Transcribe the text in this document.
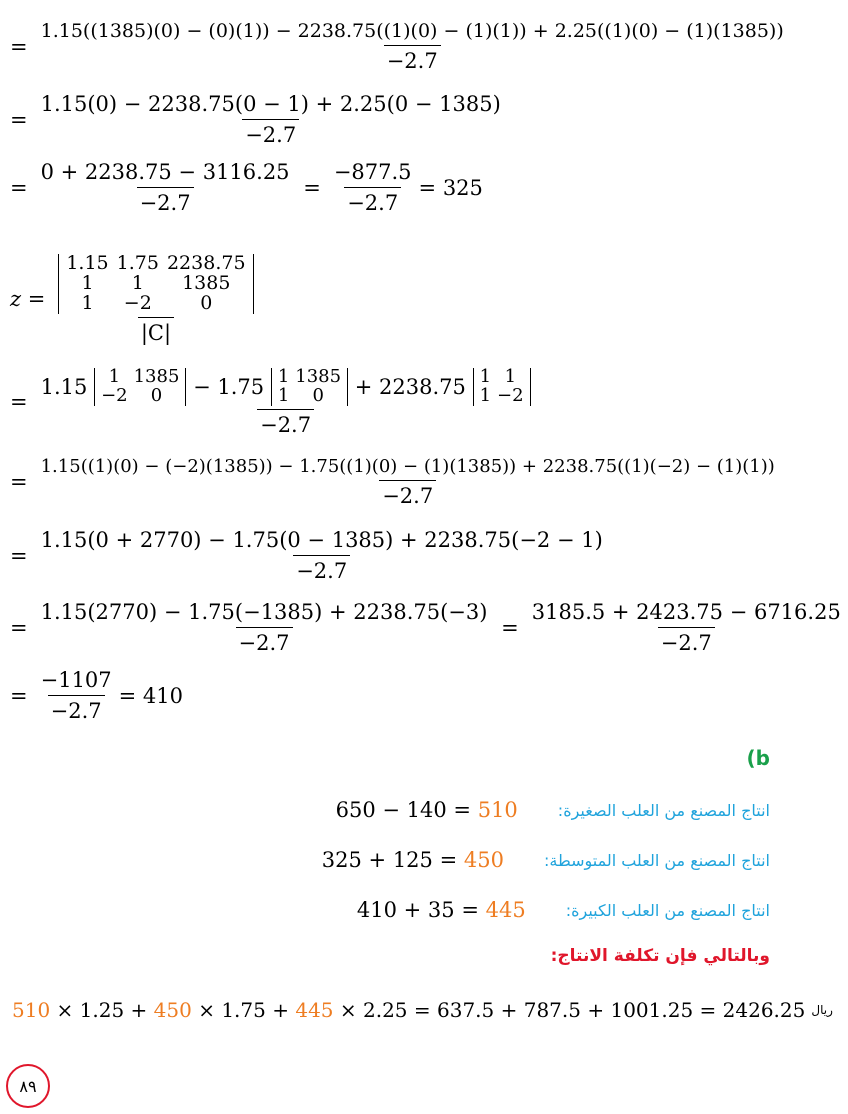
=
1.15((1385)(0) − (0)(1)) − 2238.75((1)(0) − (1)(1)) + 2.25((1)(0) − (1)(1385))
−2.7
= $\frac{1.15(0) - 2238.75(0 - 1) + 2.25(0 - 1385)}{-2.7}$
= $\frac{0 + 2238.75 - 3116.25}{-2.7} = \frac{-877.5}{-2.7} = 325$
z =
1.15	1.75	2238.75
1	1	1385
1	−2	0
|C|
=
1.15
1	1385
−2	0
− 1.75
1	1385
1	0
+ 2238.75
1	1
1	−2
−2.7
=
1.15((1)(0) − (−2)(1385)) − 1.75((1)(0) − (1)(1385)) + 2238.75((1)(−2) − (1)(1))
−2.7
= $\frac{1.15(0 + 2770) - 1.75(0 - 1385) + 2238.75(-2 - 1)}{-2.7}$
= $\frac{1.15(2770) - 1.75(-1385) + 2238.75(-3)}{-2.7} = \frac{3185.5 + 2423.75 - 6716.25}{-2.7}$
= $\frac{-1107}{-2.7} = 410$
(b
650 − 140 = 510	انتاج المصنع من العلب الصغيرة:
325 + 125 = 450	انتاج المصنع من العلب المتوسطة:
410 + 35 = 445	انتاج المصنع من العلب الكبيرة:
وبالتالي فإن تكلفة الانتاج:
510 × 1.25 + 450 × 1.75 + 445 × 2.25 = 637.5 + 787.5 + 1001.25 = 2426.25 ريال
٨٩
